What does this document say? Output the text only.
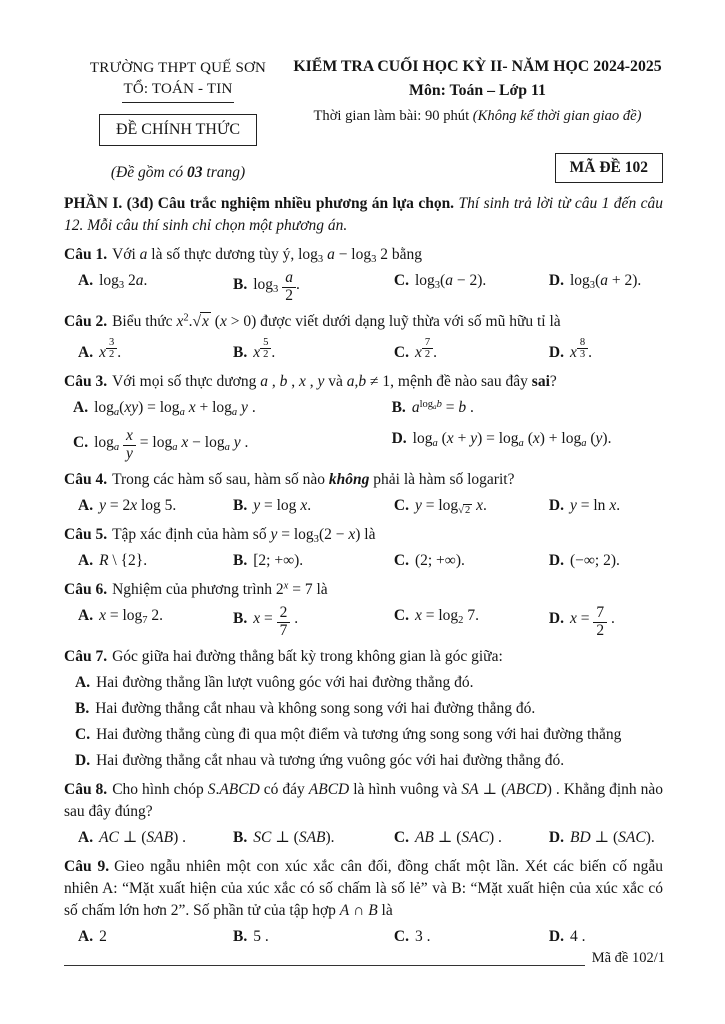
TRƯỜNG THPT QUẾ SƠN
TỔ: TOÁN - TIN
ĐỀ CHÍNH THỨC
KIỂM TRA CUỐI HỌC KỲ II- NĂM HỌC 2024-2025
Môn: Toán – Lớp 11
Thời gian làm bài: 90 phút (Không kể thời gian giao đề)
(Đề gồm có 03 trang)	MÃ ĐỀ 102

PHẦN I. (3đ) Câu trắc nghiệm nhiều phương án lựa chọn. Thí sinh trả lời từ câu 1 đến câu 12. Mỗi câu thí sinh chỉ chọn một phương án.

Câu 1. Với a là số thực dương tùy ý, $\log_3 a - \log_3 2$ bằng

A. $\log_3 2a$.	B. $\log_3 \frac{a}{2}$ .	C. $\log_3(a - 2)$.	D. $\log_3(a + 2)$.

Câu 2. Biểu thức $x^2.√x$ (x > 0) được viết dưới dạng luỹ thừa với số mũ hữu tỉ là

A. x $^{\frac{3}{2}}$ .	B. x $^{\frac{5}{2}}$ .	C. x $^{\frac{7}{2}}$ .	D. x $^{\frac{8}{3}}$ .

Câu 3. Với mọi số thực dương a , b , x , y và a,b ≠ 1, mệnh đề nào sau đây sai?

A. $\log_a(xy) = \log_a x + \log_a y$ .	B. $a^{log_ab} = b$ .
C. $\log_a \frac{x}{y} = \log_a x - \log_a y$ .	D. $\log_a (x + y) = \log_a (x) + \log_a (y)$.

Câu 4. Trong các hàm số sau, hàm số nào không phải là hàm số logarit?

A. y = 2x log 5.	B. y = log x.	C. $y = \log_{√2} x$.	D. y = ln x.

Câu 5. Tập xác định của hàm số $y = \log_3(2 - x)$ là

A. R \ {2}.	B. [2; +∞).	C. (2; +∞).	D. (−∞; 2).

Câu 6. Nghiệm của phương trình $2^x = 7$ là

A. $x = \log_7 2$.	B. $x = \frac{2}{7}$ .	C. $x = \log_2 7$.	D. $x = \frac{7}{2}$ .

Câu 7. Góc giữa hai đường thẳng bất kỳ trong không gian là góc giữa:

A. Hai đường thẳng lần lượt vuông góc với hai đường thẳng đó.
B. Hai đường thẳng cắt nhau và không song song với hai đường thẳng đó.
C. Hai đường thẳng cùng đi qua một điểm và tương ứng song song với hai đường thẳng
D. Hai đường thẳng cắt nhau và tương ứng vuông góc với hai đường thẳng đó.

Câu 8. Cho hình chóp S.ABCD có đáy ABCD là hình vuông và SA ⊥ (ABCD) . Khẳng định nào sau đây đúng?

A. AC ⊥ (SAB) .	B. SC ⊥ (SAB).	C. AB ⊥ (SAC) .	D. BD ⊥ (SAC).

Câu 9. Gieo ngẫu nhiên một con xúc xắc cân đối, đồng chất một lần. Xét các biến cố ngẫu nhiên A: “Mặt xuất hiện của xúc xắc có số chấm là số lẻ” và B: “Mặt xuất hiện của xúc xắc có số chấm lớn hơn 2”. Số phần tử của tập hợp A ∩ B là

A. 2	B. 5 .	C. 3 .	D. 4 .
Mã đề 102/1
